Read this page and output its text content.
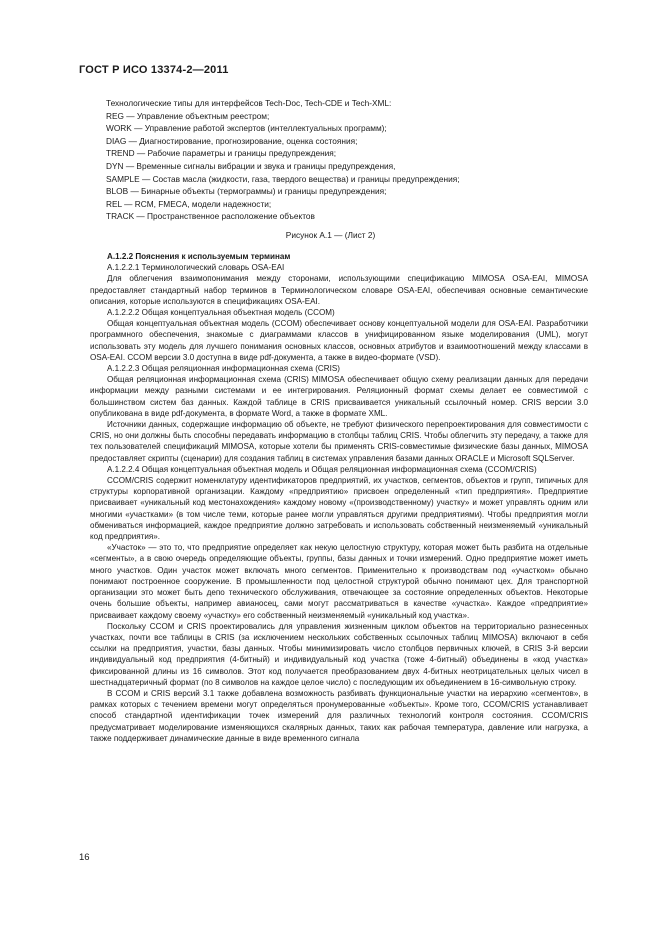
ГОСТ Р ИСО 13374-2—2011
Технологические типы для интерфейсов Tech-Doc, Tech-CDE и Tech-XML:
REG — Управление объектным реестром;
WORK — Управление работой экспертов (интеллектуальных программ);
DIAG — Диагностирование, прогнозирование, оценка состояния;
TREND — Рабочие параметры и границы предупреждения;
DYN — Временные сигналы вибрации и звука и границы предупреждения,
SAMPLE — Состав масла (жидкости, газа, твердого вещества) и границы предупреждения;
BLOB — Бинарные объекты (термограммы) и границы предупреждения;
REL — RCM, FMECA, модели надежности;
TRACK — Пространственное расположение объектов
Рисунок А.1 — (Лист 2)

А.1.2.2 Пояснения к используемым терминам

А.1.2.2.1 Терминологический словарь OSA-EAI

Для облегчения взаимопонимания между сторонами, использующими спецификацию MIMOSA OSA-EAI, MIMOSA предоставляет стандартный набор терминов в Терминологическом словаре OSA-EAI, обеспечивая основные семантические описания, которые используются в спецификациях OSA-EAI.

А.1.2.2.2 Общая концептуальная объектная модель (CCOM)

Общая концептуальная объектная модель (CCOM) обеспечивает основу концептуальной модели для OSA-EAI. Разработчики программного обеспечения, знакомые с диаграммами классов в унифицированном языке моделирования (UML), могут использовать эту модель для лучшего понимания основных классов, основных атрибутов и взаимоотношений между классами в OSA-EAI. CCOM версии 3.0 доступна в виде pdf-документа, а также в видео-формате (VSD).

А.1.2.2.3 Общая реляционная информационная схема (CRIS)

Общая реляционная информационная схема (CRIS) MIMOSA обеспечивает общую схему реализации данных для передачи информации между разными системами и ее интегрирования. Реляционный формат схемы делает ее совместимой с большинством систем баз данных. Каждой таблице в CRIS присваивается уникальный ссылочный номер. CRIS версии 3.0 опубликована в виде pdf-документа, в формате Word, а также в формате XML.

Источники данных, содержащие информацию об объекте, не требуют физического перепроектирования для совместимости с CRIS, но они должны быть способны передавать информацию в столбцы таблиц CRIS. Чтобы облегчить эту передачу, а также для тех пользователей спецификаций MIMOSA, которые хотели бы применять CRIS-совместимые физические базы данных, MIMOSA предоставляет скрипты (сценарии) для создания таблиц в системах управления базами данных ORACLE и Microsoft SQLServer.

А.1.2.2.4 Общая концептуальная объектная модель и Общая реляционная информационная схема (CCOM/CRIS)

CCOM/CRIS содержит номенклатуру идентификаторов предприятий, их участков, сегментов, объектов и групп, типичных для структуры корпоративной организации. Каждому «предприятию» присвоен определенный «тип предприятия». Предприятие присваивает «уникальный код местонахождения» каждому новому «(производственному) участку» и может управлять одним или многими «участками» (в том числе теми, которые ранее могли управляться другими предприятиями). Чтобы предприятия могли обмениваться информацией, каждое предприятие должно затребовать и использовать собственный неизменяемый «уникальный код предприятия».

«Участок» — это то, что предприятие определяет как некую целостную структуру, которая может быть разбита на отдельные «сегменты», а в свою очередь определяющие объекты, группы, базы данных и точки измерений. Одно предприятие может иметь много участков. Один участок может включать много сегментов. Применительно к производствам под «участком» обычно понимают построенное сооружение. В промышленности под целостной структурой обычно понимают цех. Для транспортной организации это может быть депо технического обслуживания, отвечающее за состояние определенных объектов. Некоторые очень большие объекты, например авианосец, сами могут рассматриваться в качестве «участка». Каждое «предприятие» присваивает каждому своему «участку» его собственный неизменяемый «уникальный код участка».

Поскольку CCOM и CRIS проектировались для управления жизненным циклом объектов на территориально разнесенных участках, почти все таблицы в CRIS (за исключением нескольких собственных ссылочных таблиц MIMOSA) включают в себя ссылки на предприятия, участки, базы данных. Чтобы минимизировать число столбцов первичных ключей, в CRIS 3-й версии индивидуальный код предприятия (4-битный) и индивидуальный код участка (тоже 4-битный) объединены в «код участка» фиксированной длины из 16 символов. Этот код получается преобразованием двух 4-битных неотрицательных целых чисел в шестнадцатеричный формат (по 8 символов на каждое целое число) с последующим их объединением в 16-символьную строку.

В CCOM и CRIS версий 3.1 также добавлена возможность разбивать функциональные участки на иерархию «сегментов», в рамках которых с течением времени могут определяться пронумерованные «объекты». Кроме того, CCOM/CRIS устанавливает способ стандартной идентификации точек измерений для различных технологий контроля состояния. CCOM/CRIS предусматривает моделирование изменяющихся скалярных данных, таких как рабочая температура, давление или нагрузка, а также поддерживает динамические данные в виде временного сигнала

16
